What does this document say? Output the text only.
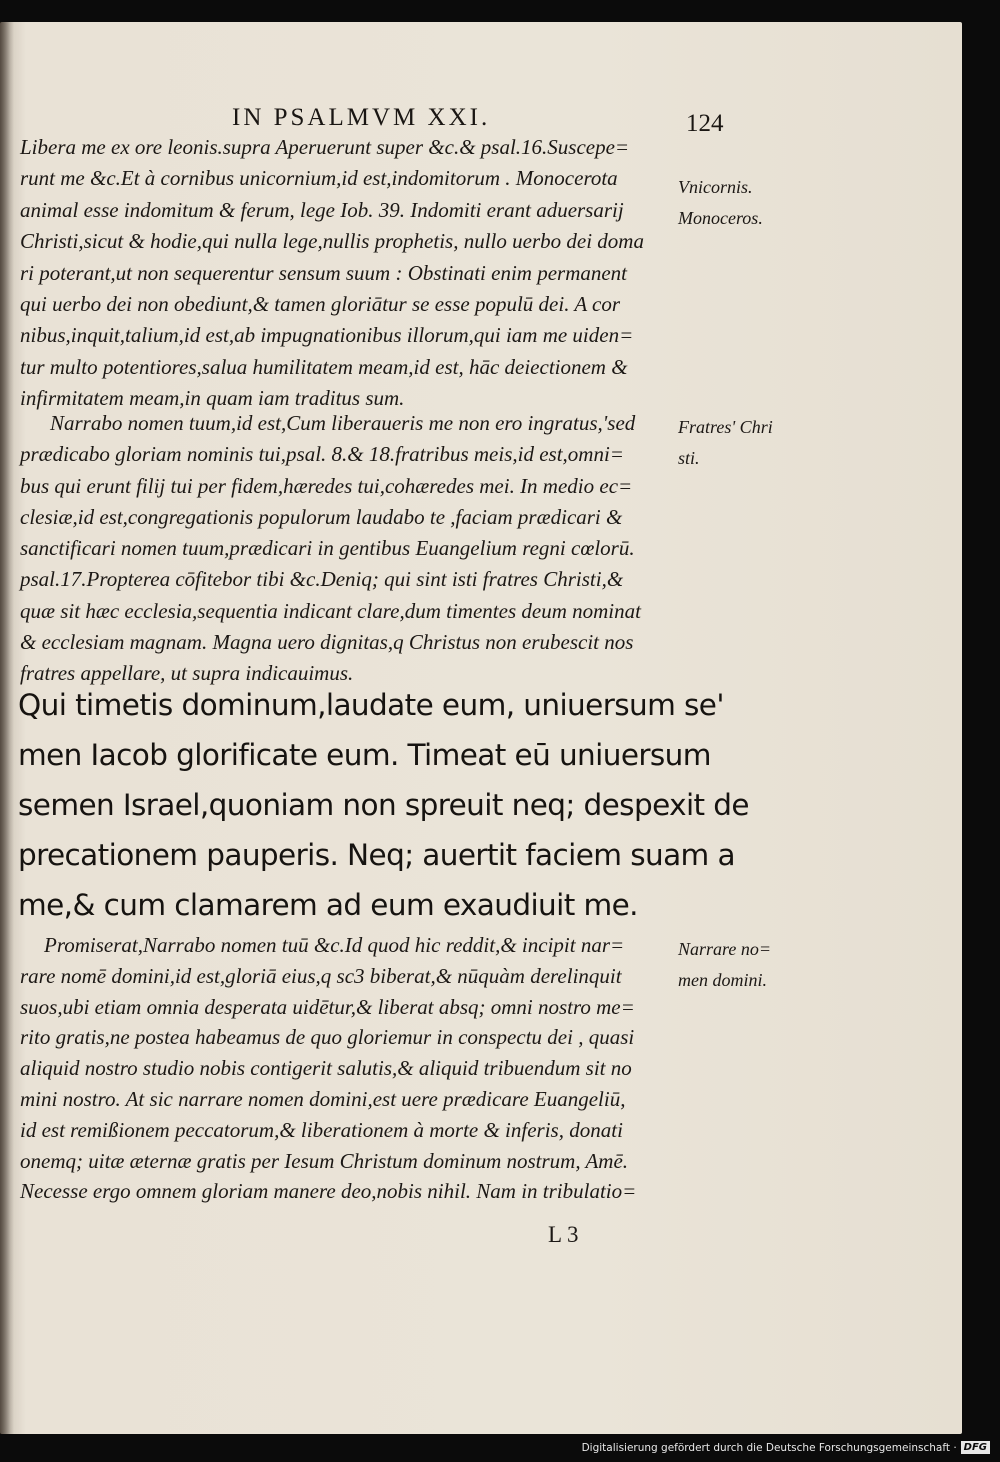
IN PSALMVM XXI.	124
Libera me ex ore leonis.supra Aperuerunt super &c.& psal.16.Suscepe=
runt me &c.Et à cornibus unicornium,id est,indomitorum . Monocerota
animal esse indomitum & ferum, lege Iob. 39. Indomiti erant aduersarij
Christi,sicut & hodie,qui nulla lege,nullis prophetis, nullo uerbo dei doma
ri poterant,ut non sequerentur sensum suum : Obstinati enim permanent
qui uerbo dei non obediunt,& tamen gloriātur se esse populū dei. A cor
nibus,inquit,talium,id est,ab impugnationibus illorum,qui iam me uiden=
tur multo potentiores,salua humilitatem meam,id est, hāc deiectionem &
infirmitatem meam,in quam iam traditus sum.
Narrabo nomen tuum,id est,Cum liberaueris me non ero ingratus,'sed
prædicabo gloriam nominis tui,psal. 8.& 18.fratribus meis,id est,omni=
bus qui erunt filij tui per fidem,hæredes tui,cohæredes mei. In medio ec=
clesiæ,id est,congregationis populorum laudabo te ,faciam prædicari &
sanctificari nomen tuum,prædicari in gentibus Euangelium regni cœlorū.
psal.17.Propterea cōfitebor tibi &c.Deniq; qui sint isti fratres Christi,&
quæ sit hæc ecclesia,sequentia indicant clare,dum timentes deum nominat
& ecclesiam magnam. Magna uero dignitas,q Christus non erubescit nos
fratres appellare, ut supra indicauimus.
Qui timetis dominum,laudate eum, uniuersum se'
men Iacob glorificate eum. Timeat eū uniuersum
semen Israel,quoniam non spreuit neq; despexit de
precationem pauperis. Neq; auertit faciem suam a
me,& cum clamarem ad eum exaudiuit me.
Promiserat,Narrabo nomen tuū &c.Id quod hic reddit,& incipit nar=
rare nomē domini,id est,gloriā eius,q sc3 biberat,& nūquàm derelinquit
suos,ubi etiam omnia desperata uidētur,& liberat absq; omni nostro me=
rito gratis,ne postea habeamus de quo gloriemur in conspectu dei , quasi
aliquid nostro studio nobis contigerit salutis,& aliquid tribuendum sit no
mini nostro. At sic narrare nomen domini,est uere prædicare Euangeliū,
id est remißionem peccatorum,& liberationem à morte & inferis, donati
onemq; uitæ æternæ gratis per Iesum Christum dominum nostrum, Amē.
Necesse ergo omnem gloriam manere deo,nobis nihil. Nam in tribulatio=
Vnicornis.
Monoceros.
Fratres' Chri
sti.
Narrare no=
men domini.
L 3
Digitalisierung gefördert durch die Deutsche Forschungsgemeinschaft · DFG
